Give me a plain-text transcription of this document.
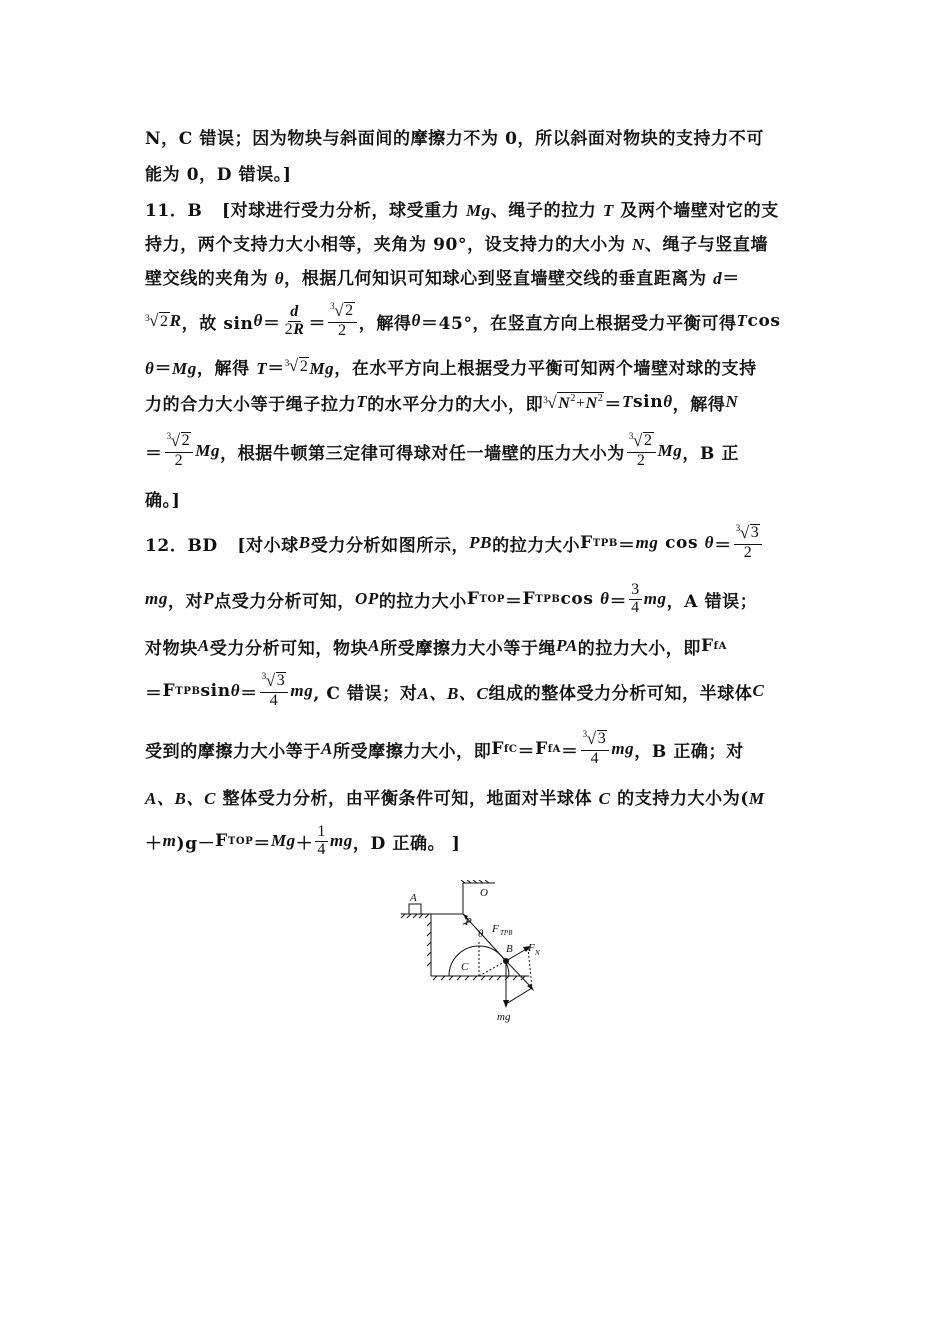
N，C 错误；因为物块与斜面间的摩擦力不为 0，所以斜面对物块的支持力不可
能为 0，D 错误。]
11．B [对球进行受力分析，球受重力 Mg、绳子的拉力 T 及两个墙壁对它的支
持力，两个支持力大小相等，夹角为 90°，设支持力的大小为 N、绳子与竖直墙
壁交线的夹角为 θ，根据几何知识可知球心到竖直墙壁交线的垂直距离为 d＝
3 √ 2 R ，故 $\sin \theta = \frac{d}{2R} = \frac{3 √ 2}{2}$ ，解得 θ ＝45°，在竖直方向上根据受力平衡可得 T cos
θ＝Mg，解得 T＝ 3 √ 2 Mg，在水平方向上根据受力平衡可知两个墙壁对球的支持
力的合力大小等于绳子拉力 T 的水平分力的大小，即 3 √ $N^2+N^2 = T$ sin θ ，解得 N
＝ $\frac{3 √ 2}{2}$ Mg ，根据牛顿第三定律可得球对任一墙壁的压力大小为 $\frac{3 √ 2}{2}$ Mg ，B 正
确。]
12．BD
[对小球 B 受力分析如图所示， PB 的拉力大小 F TPB ＝ mg
cos
$\theta = \frac{3 √ 3}{2}$
mg ，对 P 点受力分析可知， OP 的拉力大小 F TOP ＝ F TPB cos
$\theta = \frac{3}{4}$ mg ，A 错误；
对物块 A 受力分析可知，物块 A 所受摩擦力大小等于绳 PA 的拉力大小，即 F fA
＝ F TPB $\sin \theta = \frac{3 √ 3}{4}$ mg , C 错误；对 A、B、C 组成的整体受力分析可知，半球体 C
受到的摩擦力大小等于 A 所受摩擦力大小，即 F fC ＝ F fA ＝ $\frac{3 √ 3}{4}$ mg ，B 正确；对
A、B、C 整体受力分析，由平衡条件可知，地面对半球体 C 的支持力大小为(M
＋ m )g－ F TOP ＝ $Mg + \frac{1}{4}$ mg ，D 正确。 ]
A	O
P
θ F TPB
B F N
C
mg
